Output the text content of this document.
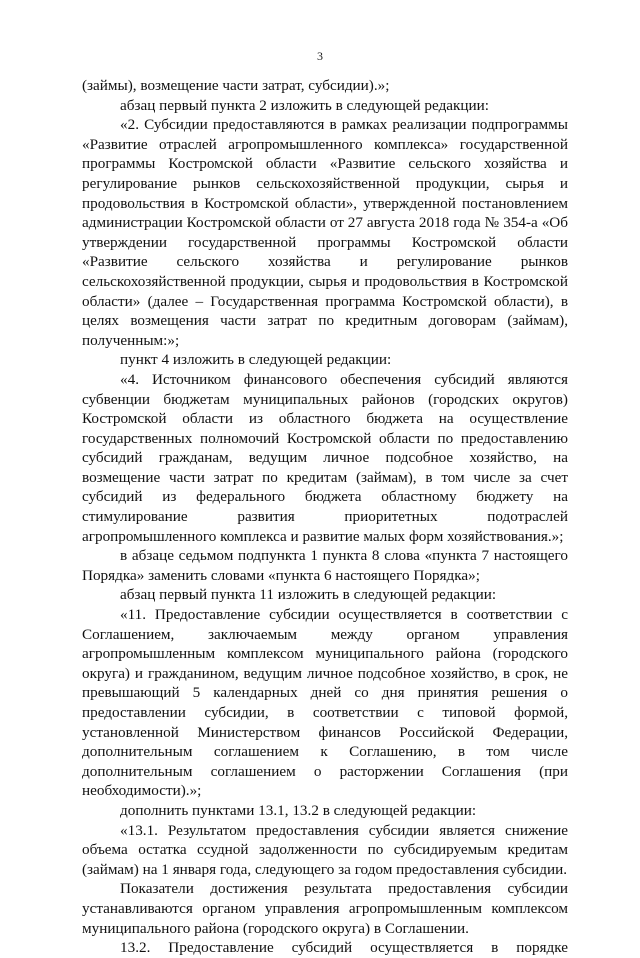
3

(займы), возмещение части затрат, субсидии).»;

абзац первый пункта 2 изложить в следующей редакции:

«2. Субсидии предоставляются в рамках реализации подпрограммы «Развитие отраслей агропромышленного комплекса» государственной программы Костромской области «Развитие сельского хозяйства и регулирование рынков сельскохозяйственной продукции, сырья и продовольствия в Костромской области», утвержденной постановлением администрации Костромской области от 27 августа 2018 года № 354-а «Об утверждении государственной программы Костромской области «Развитие сельского хозяйства и регулирование рынков сельскохозяйственной продукции, сырья и продовольствия в Костромской области» (далее – Государственная программа Костромской области), в целях возмещения части затрат по кредитным договорам (займам), полученным:»;

пункт 4 изложить в следующей редакции:

«4. Источником финансового обеспечения субсидий являются субвенции бюджетам муниципальных районов (городских округов) Костромской области из областного бюджета на осуществление государственных полномочий Костромской области по предоставлению субсидий гражданам, ведущим личное подсобное хозяйство, на возмещение части затрат по кредитам (займам), в том числе за счет субсидий из федерального бюджета областному бюджету на стимулирование развития приоритетных подотраслей агропромышленного комплекса и развитие малых форм хозяйствования.»;

в абзаце седьмом подпункта 1 пункта 8 слова «пункта 7 настоящего Порядка» заменить словами «пункта 6 настоящего Порядка»;

абзац первый пункта 11 изложить в следующей редакции:

«11. Предоставление субсидии осуществляется в соответствии с Соглашением, заключаемым между органом управления агропромышленным комплексом муниципального района (городского округа) и гражданином, ведущим личное подсобное хозяйство, в срок, не превышающий 5 календарных дней со дня принятия решения о предоставлении субсидии, в соответствии с типовой формой, установленной Министерством финансов Российской Федерации, дополнительным соглашением к Соглашению, в том числе дополнительным соглашением о расторжении Соглашения (при необходимости).»;

дополнить пунктами 13.1, 13.2 в следующей редакции:

«13.1. Результатом предоставления субсидии является снижение объема остатка ссудной задолженности по субсидируемым кредитам (займам) на 1 января года, следующего за годом предоставления субсидии.

Показатели достижения результата предоставления субсидии устанавливаются органом управления агропромышленным комплексом муниципального района (городского округа) в Соглашении.

13.2. Предоставление субсидий осуществляется в порядке
